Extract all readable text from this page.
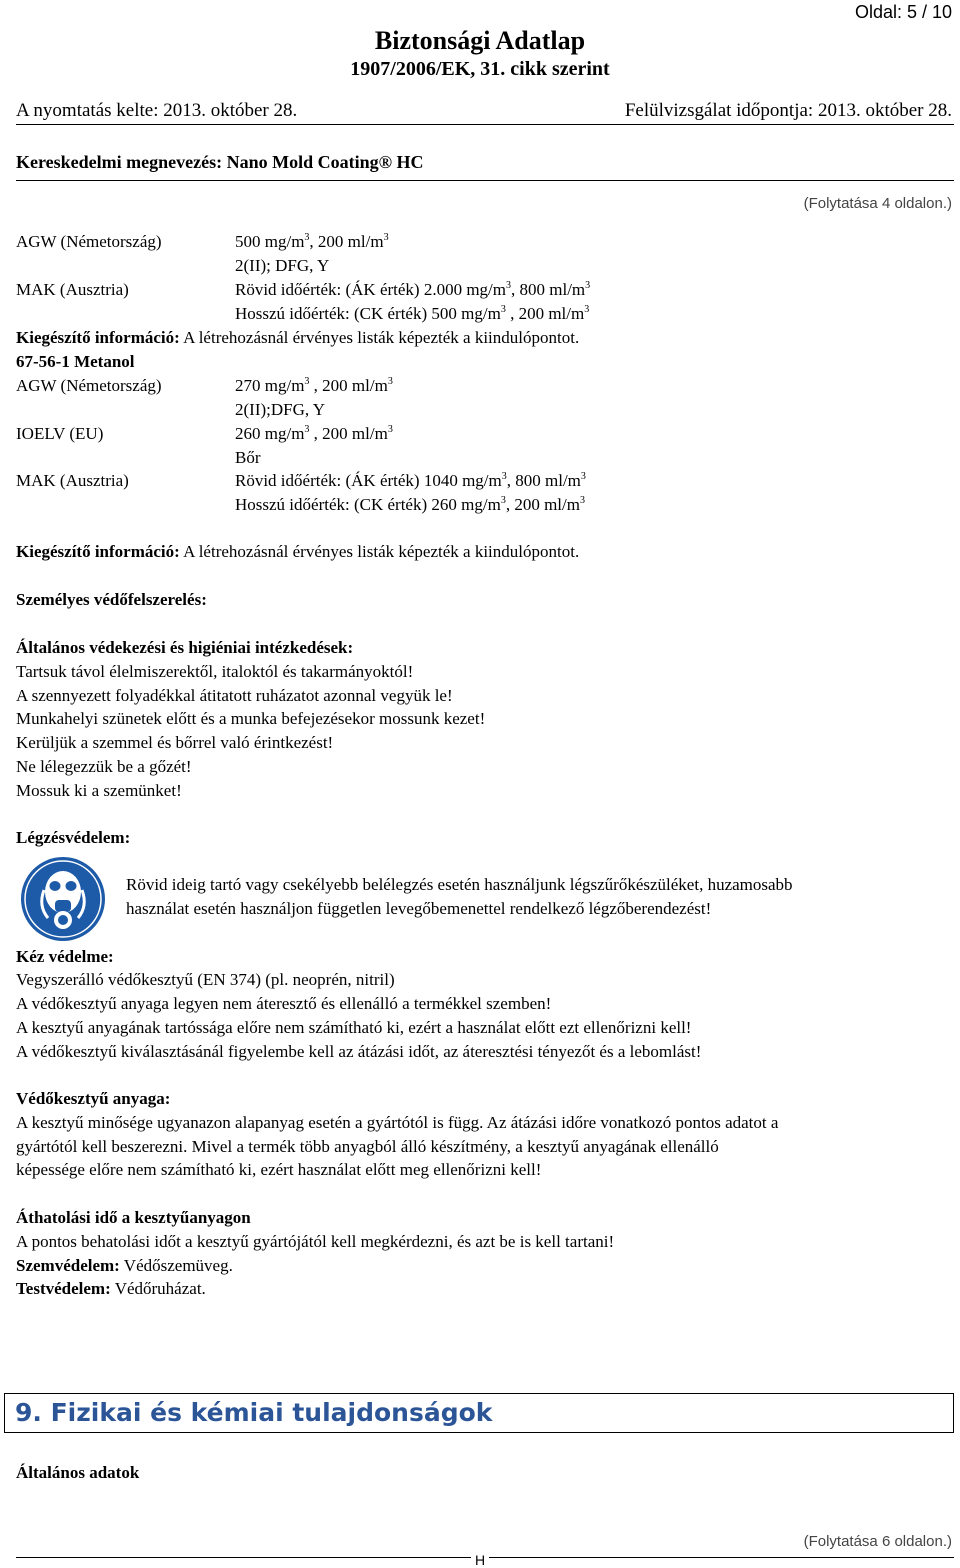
Oldal: 5 / 10
Biztonsági Adatlap
1907/2006/EK, 31. cikk szerint
A nyomtatás kelte: 2013. október 28.	Felülvizsgálat időpontja: 2013. október 28.
Kereskedelmi megnevezés: Nano Mold Coating® HC
(Folytatása 4 oldalon.)
AGW (Németország)	500 $mg/m^3$, 200 $ml/m^3$
2(II); DFG, Y
MAK (Ausztria)	Rövid időérték: (ÁK érték) 2.000 $mg/m^3$, 800 $ml/m^3$
Hosszú időérték: (CK érték) 500 $mg/m^3$ , 200 $ml/m^3$
Kiegészítő információ: A létrehozásnál érvényes listák képezték a kiindulópontot.
67-56-1 Metanol
AGW (Németország)	270 $mg/m^3$ , 200 $ml/m^3$
2(II);DFG, Y
IOELV (EU)	260 $mg/m^3$ , 200 $ml/m^3$
Bőr
MAK (Ausztria)	Rövid időérték: (ÁK érték) 1040 $mg/m^3$, 800 $ml/m^3$
Hosszú időérték: (CK érték) 260 $mg/m^3$, 200 $ml/m^3$
Kiegészítő információ: A létrehozásnál érvényes listák képezték a kiindulópontot.
Személyes védőfelszerelés:
Általános védekezési és higiéniai intézkedések:
Tartsuk távol élelmiszerektől, italoktól és takarmányoktól!
A szennyezett folyadékkal átitatott ruházatot azonnal vegyük le!
Munkahelyi szünetek előtt és a munka befejezésekor mossunk kezet!
Kerüljük a szemmel és bőrrel való érintkezést!
Ne lélegezzük be a gőzét!
Mossuk ki a szemünket!
Légzésvédelem:
Rövid ideig tartó vagy csekélyebb belélegzés esetén használjunk légszűrőkészüléket, huzamosabb
használat esetén használjon független levegőbemenettel rendelkező légzőberendezést!
Kéz védelme:
Vegyszerálló védőkesztyű (EN 374) (pl. neoprén, nitril)
A védőkesztyű anyaga legyen nem áteresztő és ellenálló a termékkel szemben!
A kesztyű anyagának tartóssága előre nem számítható ki, ezért a használat előtt ezt ellenőrizni kell!
A védőkesztyű kiválasztásánál figyelembe kell az átázási időt, az áteresztési tényezőt és a lebomlást!
Védőkesztyű anyaga:
A kesztyű minősége ugyanazon alapanyag esetén a gyártótól is függ. Az átázási időre vonatkozó pontos adatot a
gyártótól kell beszerezni. Mivel a termék több anyagból álló készítmény, a kesztyű anyagának ellenálló
képessége előre nem számítható ki, ezért használat előtt meg ellenőrizni kell!
Áthatolási idő a kesztyűanyagon
A pontos behatolási időt a kesztyű gyártójától kell megkérdezni, és azt be is kell tartani!
Szemvédelem: Védőszemüveg.
Testvédelem: Védőruházat.
9. Fizikai és kémiai tulajdonságok
Általános adatok
(Folytatása 6 oldalon.)
H
